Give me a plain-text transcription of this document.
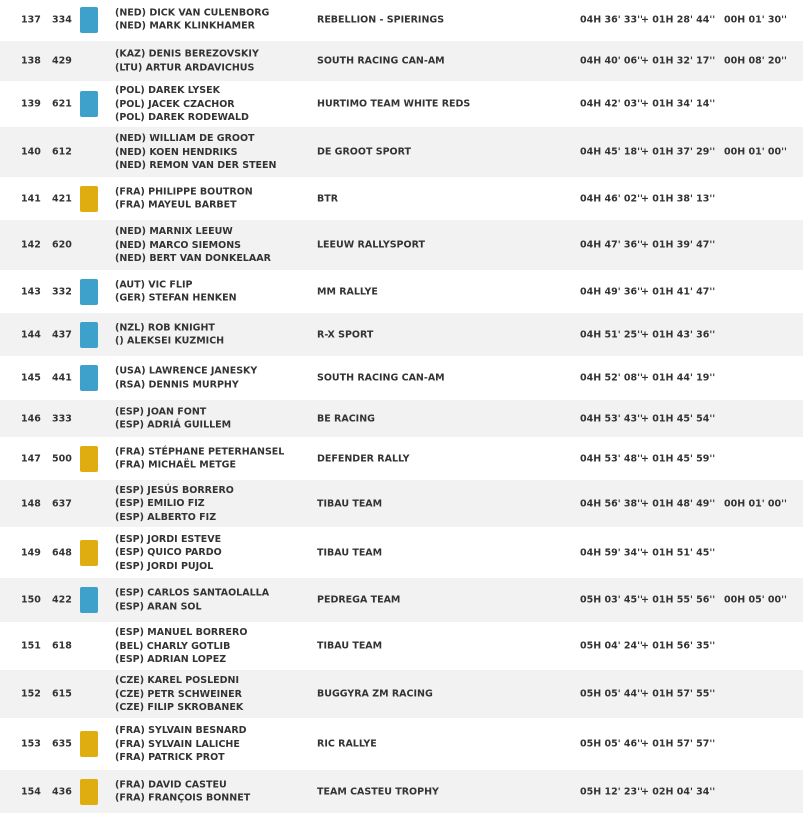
137 334
(NED) DICK VAN CULENBORG
(NED) MARK KLINKHAMER
REBELLION - SPIERINGS	04H 36' 33''
+ 01H 28' 44'' 00H 01' 30''
138 429
(KAZ) DENIS BEREZOVSKIY
(LTU) ARTUR ARDAVICHUS
SOUTH RACING CAN-AM	04H 40' 06''
+ 01H 32' 17'' 00H 08' 20''
139 621
(POL) DAREK LYSEK
(POL) JACEK CZACHOR
(POL) DAREK RODEWALD
HURTIMO TEAM WHITE REDS	04H 42' 03''
+ 01H 34' 14''
140 612
(NED) WILLIAM DE GROOT
(NED) KOEN HENDRIKS
(NED) REMON VAN DER STEEN
DE GROOT SPORT	04H 45' 18''
+ 01H 37' 29'' 00H 01' 00''
141 421
(FRA) PHILIPPE BOUTRON
(FRA) MAYEUL BARBET
BTR	04H 46' 02''
+ 01H 38' 13''
142 620
(NED) MARNIX LEEUW
(NED) MARCO SIEMONS
(NED) BERT VAN DONKELAAR
LEEUW RALLYSPORT	04H 47' 36''
+ 01H 39' 47''
143 332
(AUT) VIC FLIP
(GER) STEFAN HENKEN
MM RALLYE	04H 49' 36''
+ 01H 41' 47''
144 437
(NZL) ROB KNIGHT
() ALEKSEI KUZMICH
R-X SPORT	04H 51' 25''
+ 01H 43' 36''
145 441
(USA) LAWRENCE JANESKY
(RSA) DENNIS MURPHY
SOUTH RACING CAN-AM	04H 52' 08''
+ 01H 44' 19''
146 333
(ESP) JOAN FONT
(ESP) ADRIÁ GUILLEM
BE RACING	04H 53' 43''
+ 01H 45' 54''
147 500
(FRA) STÉPHANE PETERHANSEL
(FRA) MICHAËL METGE
DEFENDER RALLY	04H 53' 48''
+ 01H 45' 59''
148 637
(ESP) JESÚS BORRERO
(ESP) EMILIO FIZ
(ESP) ALBERTO FIZ
TIBAU TEAM	04H 56' 38''
+ 01H 48' 49'' 00H 01' 00''
149 648
(ESP) JORDI ESTEVE
(ESP) QUICO PARDO
(ESP) JORDI PUJOL
TIBAU TEAM	04H 59' 34''
+ 01H 51' 45''
150 422
(ESP) CARLOS SANTAOLALLA
(ESP) ARAN SOL
PEDREGA TEAM	05H 03' 45''
+ 01H 55' 56'' 00H 05' 00''
151 618
(ESP) MANUEL BORRERO
(BEL) CHARLY GOTLIB
(ESP) ADRIAN LOPEZ
TIBAU TEAM	05H 04' 24''
+ 01H 56' 35''
152 615
(CZE) KAREL POSLEDNI
(CZE) PETR SCHWEINER
(CZE) FILIP SKROBANEK
BUGGYRA ZM RACING	05H 05' 44''
+ 01H 57' 55''
153 635
(FRA) SYLVAIN BESNARD
(FRA) SYLVAIN LALICHE
(FRA) PATRICK PROT
RIC RALLYE	05H 05' 46''
+ 01H 57' 57''
154 436
(FRA) DAVID CASTEU
(FRA) FRANÇOIS BONNET
TEAM CASTEU TROPHY	05H 12' 23''
+ 02H 04' 34''
